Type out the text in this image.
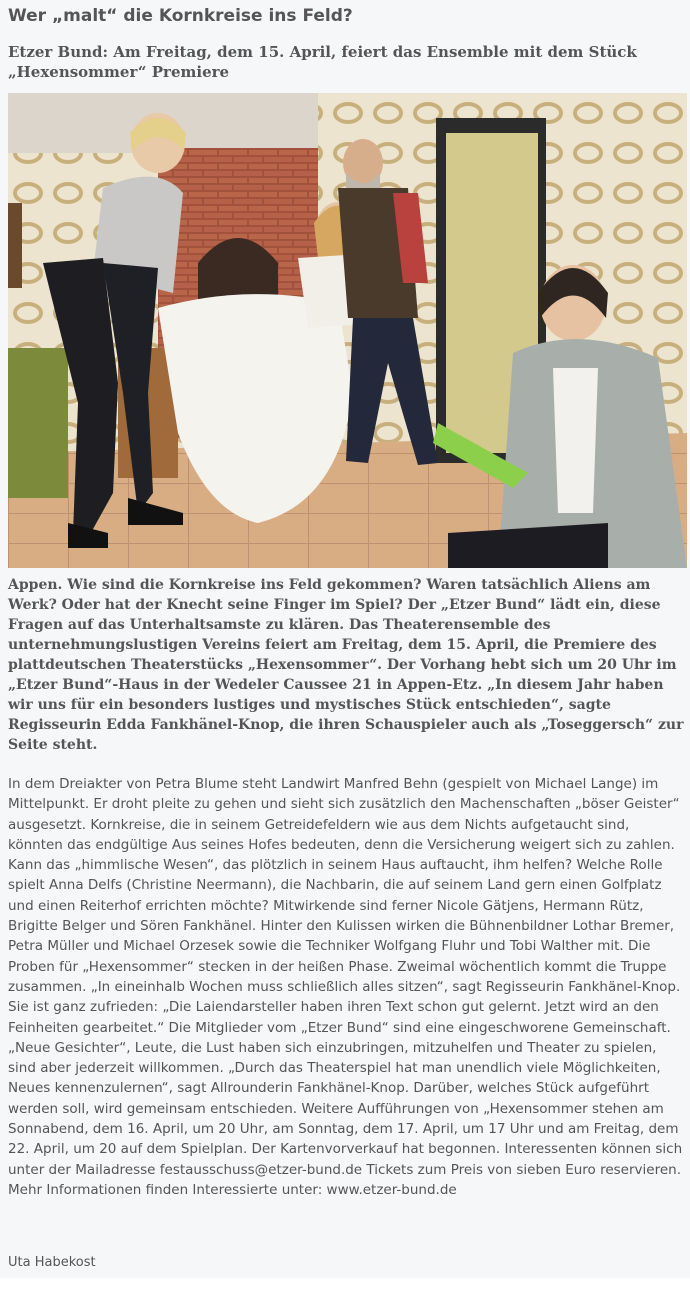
Wer „malt“ die Kornkreise ins Feld?

Etzer Bund: Am Freitag, dem 15. April, feiert das Ensemble mit dem Stück „Hexensommer“ Premiere

Appen. Wie sind die Kornkreise ins Feld gekommen? Waren tatsächlich Aliens am Werk? Oder hat der Knecht seine Finger im Spiel? Der „Etzer Bund“ lädt ein, diese Fragen auf das Unterhaltsamste zu klären. Das Theaterensemble des unternehmungslustigen Vereins feiert am Freitag, dem 15. April, die Premiere des plattdeutschen Theaterstücks „Hexensommer“. Der Vorhang hebt sich um 20 Uhr im „Etzer Bund“-Haus in der Wedeler Caussee 21 in Appen-Etz. „In diesem Jahr haben wir uns für ein besonders lustiges und mystisches Stück entschieden“, sagte Regisseurin Edda Fankhänel-Knop, die ihren Schauspieler auch als „Toseggersch“ zur Seite steht.

In dem Dreiakter von Petra Blume steht Landwirt Manfred Behn (gespielt von Michael Lange) im Mittelpunkt. Er droht pleite zu gehen und sieht sich zusätzlich den Machenschaften „böser Geister“ ausgesetzt. Kornkreise, die in seinem Getreidefeldern wie aus dem Nichts aufgetaucht sind, könnten das endgültige Aus seines Hofes bedeuten, denn die Versicherung weigert sich zu zahlen. Kann das „himmlische Wesen“, das plötzlich in seinem Haus auftaucht, ihm helfen? Welche Rolle spielt Anna Delfs (Christine Neermann), die Nachbarin, die auf seinem Land gern einen Golfplatz und einen Reiterhof errichten möchte? Mitwirkende sind ferner Nicole Gätjens, Hermann Rütz, Brigitte Belger und Sören Fankhänel. Hinter den Kulissen wirken die Bühnenbildner Lothar Bremer, Petra Müller und Michael Orzesek sowie die Techniker Wolfgang Fluhr und Tobi Walther mit. Die Proben für „Hexensommer“ stecken in der heißen Phase. Zweimal wöchentlich kommt die Truppe zusammen. „In eineinhalb Wochen muss schließlich alles sitzen“, sagt Regisseurin Fankhänel-Knop. Sie ist ganz zufrieden: „Die Laiendarsteller haben ihren Text schon gut gelernt. Jetzt wird an den Feinheiten gearbeitet.“ Die Mitglieder vom „Etzer Bund“ sind eine eingeschworene Gemeinschaft. „Neue Gesichter“, Leute, die Lust haben sich einzubringen, mitzuhelfen und Theater zu spielen, sind aber jederzeit willkommen. „Durch das Theaterspiel hat man unendlich viele Möglichkeiten, Neues kennenzulernen“, sagt Allrounderin Fankhänel-Knop. Darüber, welches Stück aufgeführt werden soll, wird gemeinsam entschieden. Weitere Aufführungen von „Hexensommer stehen am Sonnabend, dem 16. April, um 20 Uhr, am Sonntag, dem 17. April, um 17 Uhr und am Freitag, dem 22. April, um 20 auf dem Spielplan. Der Kartenvorverkauf hat begonnen. Interessenten können sich unter der Mailadresse festausschuss@etzer-bund.de Tickets zum Preis von sieben Euro reservieren. Mehr Informationen finden Interessierte unter: www.etzer-bund.de

Uta Habekost
